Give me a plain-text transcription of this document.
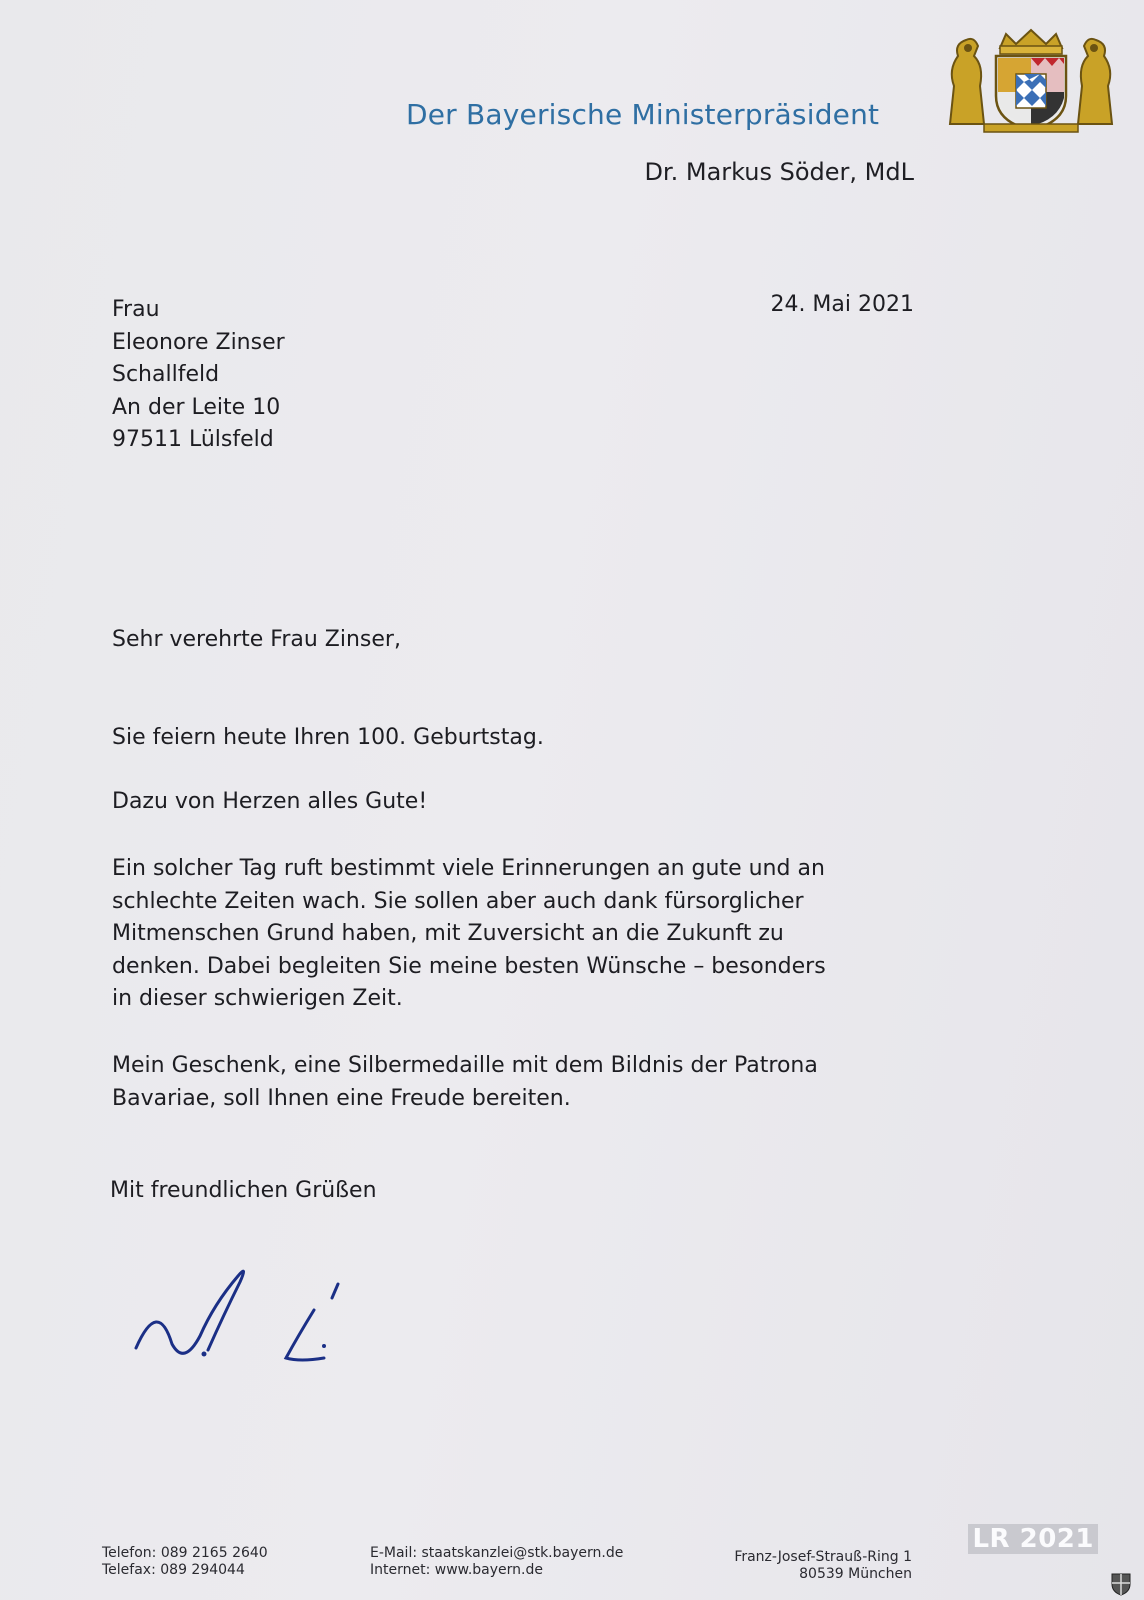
Der Bayerische Ministerpräsident
Dr. Markus Söder, MdL
24. Mai 2021
Frau
Eleonore Zinser
Schallfeld
An der Leite 10
97511 Lülsfeld
Sehr verehrte Frau Zinser,
Sie feiern heute Ihren 100. Geburtstag.
Dazu von Herzen alles Gute!
Ein solcher Tag ruft bestimmt viele Erinnerungen an gute und an schlechte Zeiten wach. Sie sollen aber auch dank fürsorglicher Mitmenschen Grund haben, mit Zuversicht an die Zukunft zu denken. Dabei begleiten Sie meine besten Wünsche – besonders in dieser schwierigen Zeit.
Mein Geschenk, eine Silbermedaille mit dem Bildnis der Patrona Bavariae, soll Ihnen eine Freude bereiten.
Mit freundlichen Grüßen
Telefon: 089 2165 2640
Telefax: 089 294044
E-Mail: staatskanzlei@stk.bayern.de
Internet: www.bayern.de
Franz-Josef-Strauß-Ring 1
80539 München
LR 2021
